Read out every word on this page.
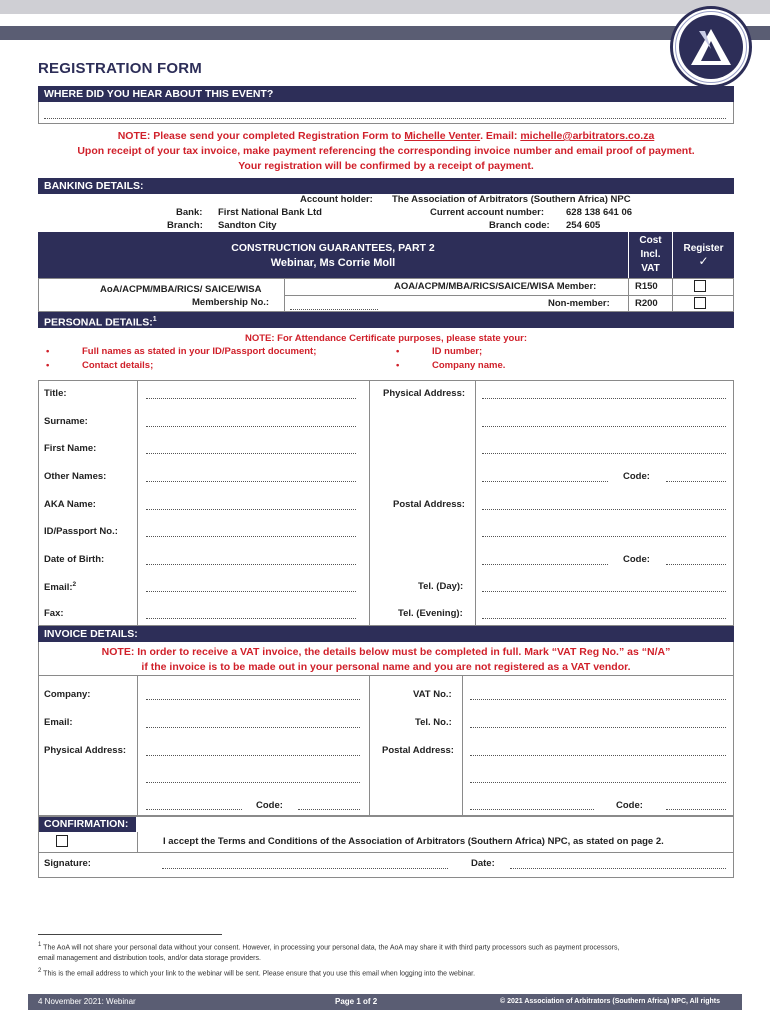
REGISTRATION FORM
WHERE DID YOU HEAR ABOUT THIS EVENT?
NOTE: Please send your completed Registration Form to Michelle Venter. Email: michelle@arbitrators.co.za
Upon receipt of your tax invoice, make payment referencing the corresponding invoice number and email proof of payment.
Your registration will be confirmed by a receipt of payment.
BANKING DETAILS:
Account holder: The Association of Arbitrators (Southern Africa) NPC
Bank: First National Bank Ltd	Current account number: 628 138 641 06
Branch: Sandton City	Branch code: 254 605
CONSTRUCTION GUARANTEES, PART 2
Webinar, Ms Corrie Moll
Cost
Incl.
VAT
Register
✓
AoA/ACPM/MBA/RICS/ SAICE/WISA
Membership No.:
AOA/ACPM/MBA/RICS/SAICE/WISA Member:	R150
Non-member:	R200
PERSONAL DETAILS:$^1$
NOTE: For Attendance Certificate purposes, please state your:
•	Full names as stated in your ID/Passport document;
•	Contact details;
•	ID number;
•	Company name.
Title:
Surname:
First Name:
Other Names:
AKA Name:
ID/Passport No.:
Date of Birth:
Email:$^2$
Fax:
Physical Address:
Code:
Postal Address:
Code:
Tel. (Day):
Tel. (Evening):
INVOICE DETAILS:
NOTE: In order to receive a VAT invoice, the details below must be completed in full. Mark “VAT Reg No.” as “N/A”
if the invoice is to be made out in your personal name and you are not registered as a VAT vendor.
Company:	VAT No.:
Email:	Tel. No.:
Physical Address:
Code:
Postal Address:
Code:
CONFIRMATION:
I accept the Terms and Conditions of the Association of Arbitrators (Southern Africa) NPC, as stated on page 2.
Signature:	Date:
$^1$ The AoA will not share your personal data without your consent. However, in processing your personal data, the AoA may share it with third party processors such as payment processors,
email management and distribution tools, and/or data storage providers.
$^2$ This is the email address to which your link to the webinar will be sent. Please ensure that you use this email when logging into the webinar.
4 November 2021: Webinar	Page 1 of 2	© 2021 Association of Arbitrators (Southern Africa) NPC, All rights reserved
